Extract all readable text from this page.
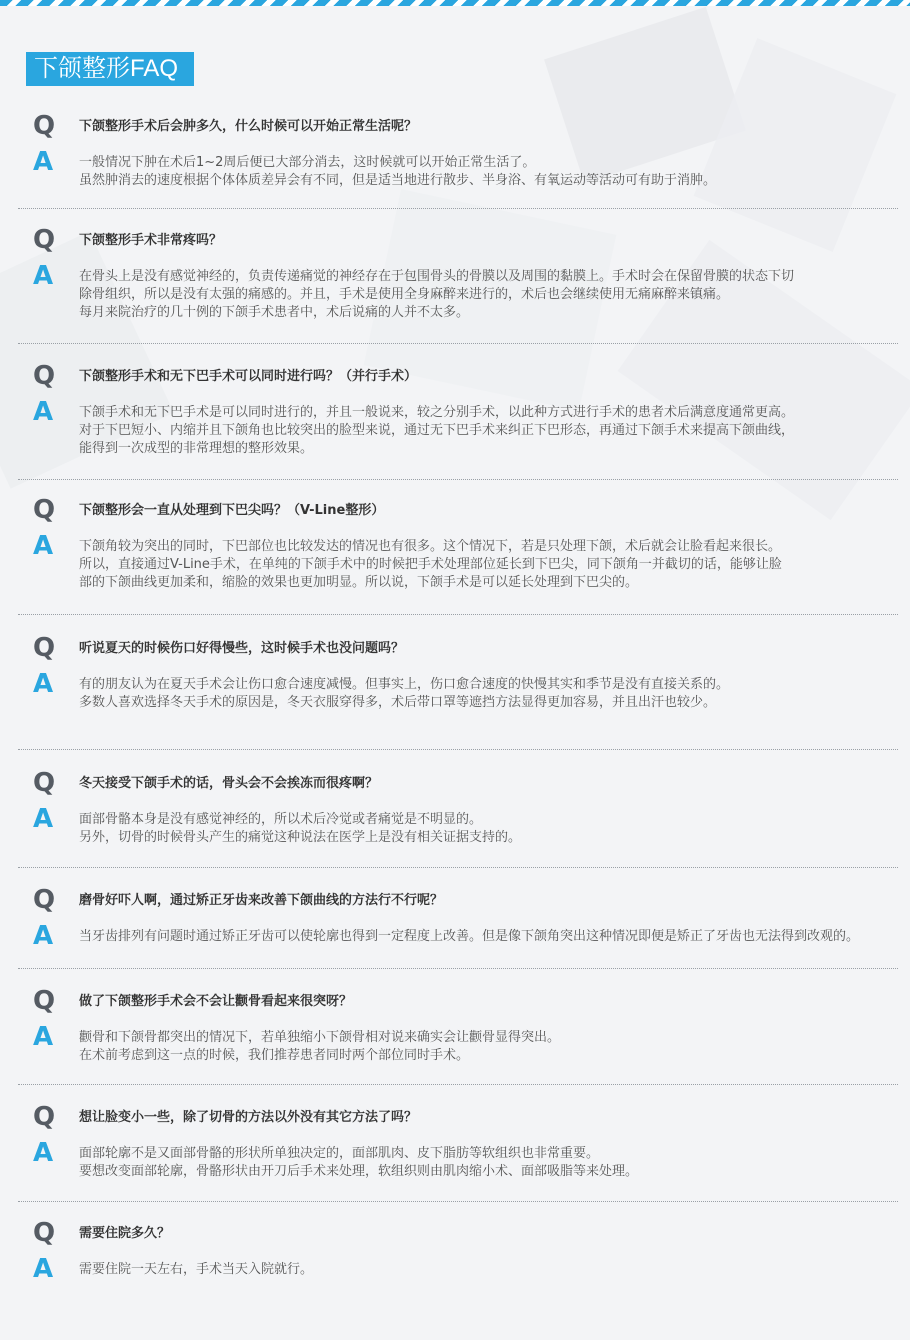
下颌整形FAQ
Q 下颌整形手术后会肿多久，什么时候可以开始正常生活呢？
A 一般情况下肿在术后1~2周后便已大部分消去，这时候就可以开始正常生活了。
虽然肿消去的速度根据个体体质差异会有不同，但是适当地进行散步、半身浴、有氧运动等活动可有助于消肿。
Q 下颌整形手术非常疼吗？
A 在骨头上是没有感觉神经的，负责传递痛觉的神经存在于包围骨头的骨膜以及周围的黏膜上。手术时会在保留骨膜的状态下切
除骨组织，所以是没有太强的痛感的。并且，手术是使用全身麻醉来进行的，术后也会继续使用无痛麻醉来镇痛。
每月来院治疗的几十例的下颌手术患者中，术后说痛的人并不太多。
Q 下颌整形手术和无下巴手术可以同时进行吗？（并行手术）
A 下颌手术和无下巴手术是可以同时进行的，并且一般说来，较之分别手术，以此种方式进行手术的患者术后满意度通常更高。
对于下巴短小、内缩并且下颌角也比较突出的脸型来说，通过无下巴手术来纠正下巴形态，再通过下颌手术来提高下颌曲线，
能得到一次成型的非常理想的整形效果。
Q 下颌整形会一直从处理到下巴尖吗？（V-Line整形）
A 下颌角较为突出的同时，下巴部位也比较发达的情况也有很多。这个情况下，若是只处理下颌，术后就会让脸看起来很长。
所以，直接通过V-Line手术，在单纯的下颌手术中的时候把手术处理部位延长到下巴尖，同下颌角一并截切的话，能够让脸
部的下颌曲线更加柔和，缩脸的效果也更加明显。所以说，下颌手术是可以延长处理到下巴尖的。
Q 听说夏天的时候伤口好得慢些，这时候手术也没问题吗？
A 有的朋友认为在夏天手术会让伤口愈合速度减慢。但事实上，伤口愈合速度的快慢其实和季节是没有直接关系的。
多数人喜欢选择冬天手术的原因是，冬天衣服穿得多，术后带口罩等遮挡方法显得更加容易，并且出汗也较少。
Q 冬天接受下颌手术的话，骨头会不会挨冻而很疼啊？
A 面部骨骼本身是没有感觉神经的，所以术后冷觉或者痛觉是不明显的。
另外，切骨的时候骨头产生的痛觉这种说法在医学上是没有相关证据支持的。
Q 磨骨好吓人啊，通过矫正牙齿来改善下颌曲线的方法行不行呢？
A 当牙齿排列有问题时通过矫正牙齿可以使轮廓也得到一定程度上改善。但是像下颌角突出这种情况即便是矫正了牙齿也无法得到改观的。
Q 做了下颌整形手术会不会让颧骨看起来很突呀？
A 颧骨和下颌骨都突出的情况下，若单独缩小下颌骨相对说来确实会让颧骨显得突出。
在术前考虑到这一点的时候，我们推荐患者同时两个部位同时手术。
Q 想让脸变小一些，除了切骨的方法以外没有其它方法了吗？
A 面部轮廓不是又面部骨骼的形状所单独决定的，面部肌肉、皮下脂肪等软组织也非常重要。
要想改变面部轮廓，骨骼形状由开刀后手术来处理，软组织则由肌肉缩小术、面部吸脂等来处理。
Q 需要住院多久？
A 需要住院一天左右，手术当天入院就行。
